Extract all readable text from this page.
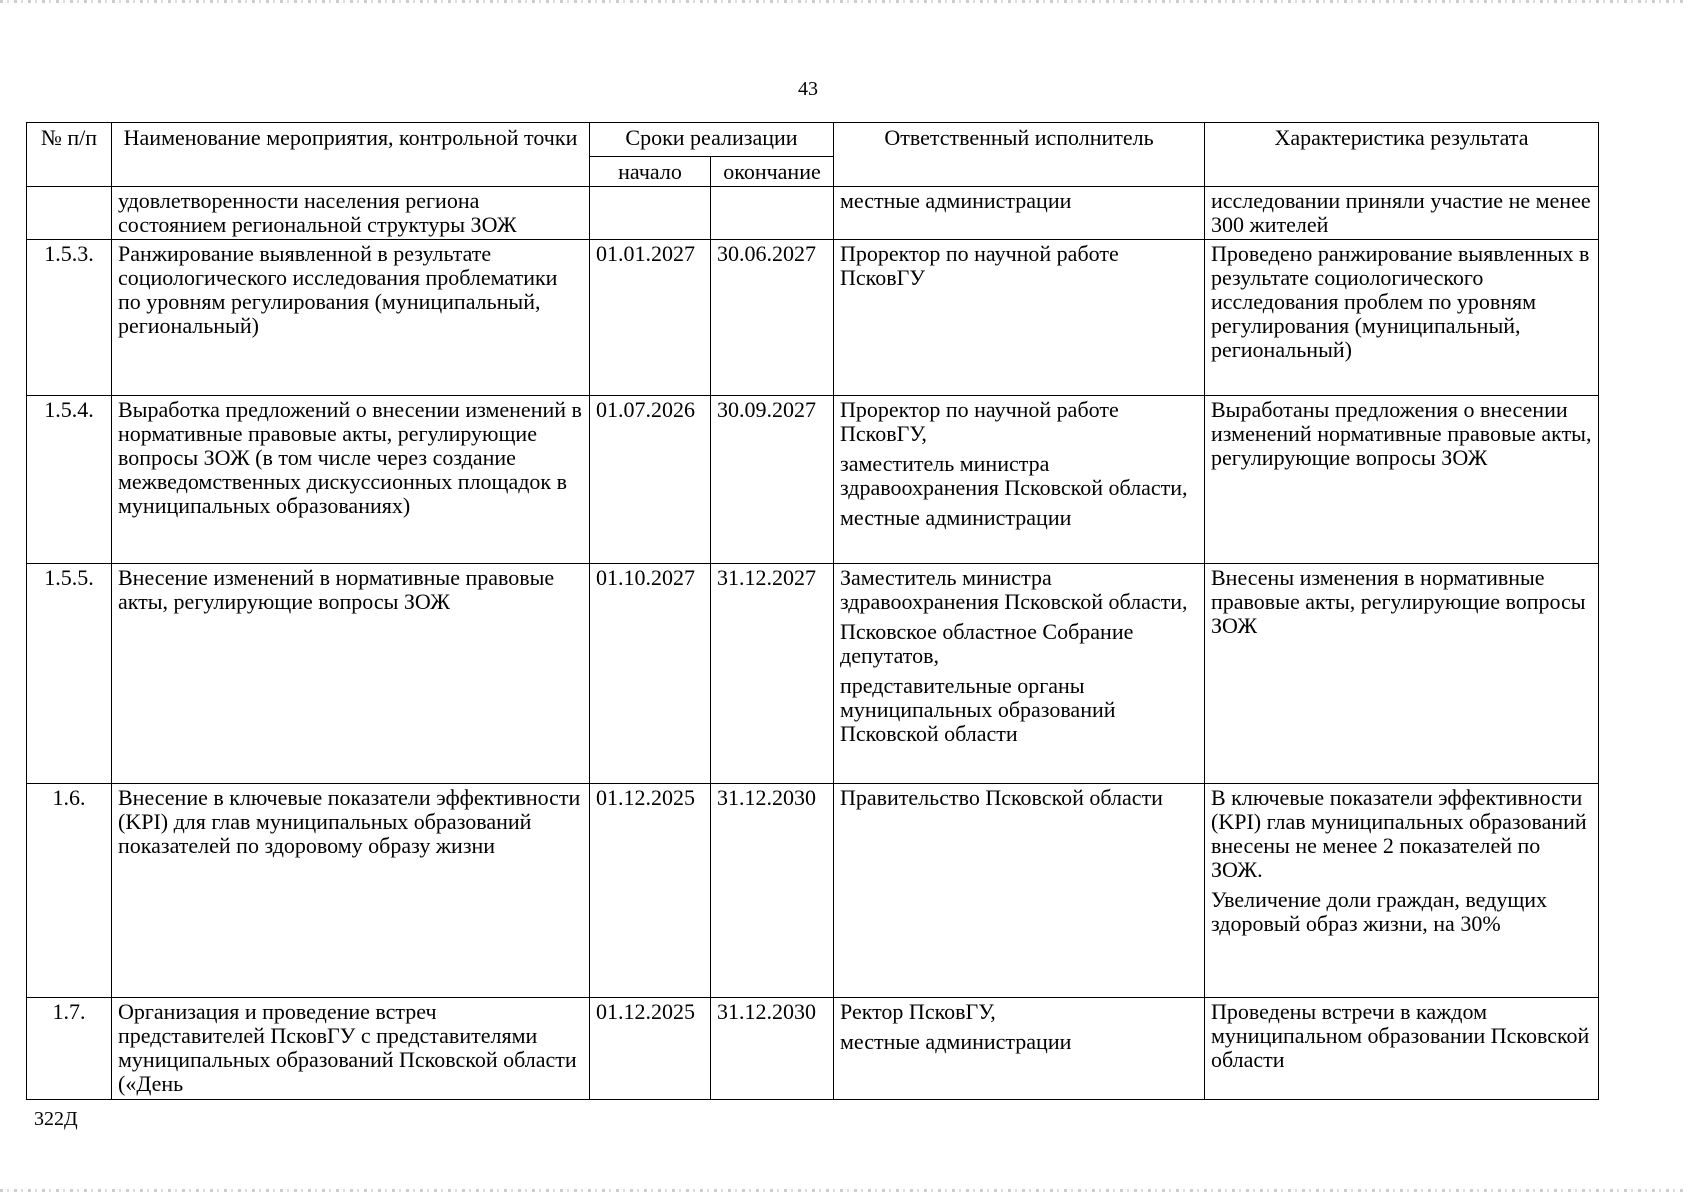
43
№ п/п	Наименование мероприятия, контрольной точки	Сроки реализации		Ответственный исполнитель	Характеристика результата
		начало	окончание		
	удовлетворенности населения региона состоянием региональной структуры ЗОЖ			местные администрации	исследовании приняли участие не менее 300 жителей

1.5.3.	Ранжирование выявленной в результате социологического исследования проблематики по уровням регулирования (муниципальный, региональный)	01.01.2027	30.06.2027	Проректор по научной работе ПсковГУ	Проведено ранжирование выявленных в результате социологического исследования проблем по уровням регулирования (муниципальный, региональный)

1.5.4.	Выработка предложений о внесении изменений в нормативные правовые акты, регулирующие вопросы ЗОЖ (в том числе через создание межведомственных дискуссионных площадок в муниципальных образованиях)	01.07.2026	30.09.2027	Проректор по научной работе ПсковГУ,
заместитель министра здравоохранения Псковской области,
местные администрации	Выработаны предложения о внесении изменений нормативные правовые акты, регулирующие вопросы ЗОЖ

1.5.5.	Внесение изменений в нормативные правовые акты, регулирующие вопросы ЗОЖ	01.10.2027	31.12.2027	Заместитель министра здравоохранения Псковской области,
Псковское областное Собрание депутатов,
представительные органы муниципальных образований Псковской области	Внесены изменения в нормативные правовые акты, регулирующие вопросы ЗОЖ

1.6.	Внесение в ключевые показатели эффективности (KPI) для глав муниципальных образований показателей по здоровому образу жизни	01.12.2025	31.12.2030	Правительство Псковской области	В ключевые показатели эффективности (KPI) глав муниципальных образований внесены не менее 2 показателей по ЗОЖ.
Увеличение доли граждан, ведущих здоровый образ жизни, на 30%

1.7.	Организация и проведение встреч представителей ПсковГУ с представителями муниципальных образований Псковской области («День	01.12.2025	31.12.2030	Ректор ПсковГУ,
местные администрации	Проведены встречи в каждом муниципальном образовании Псковской области
322Д
